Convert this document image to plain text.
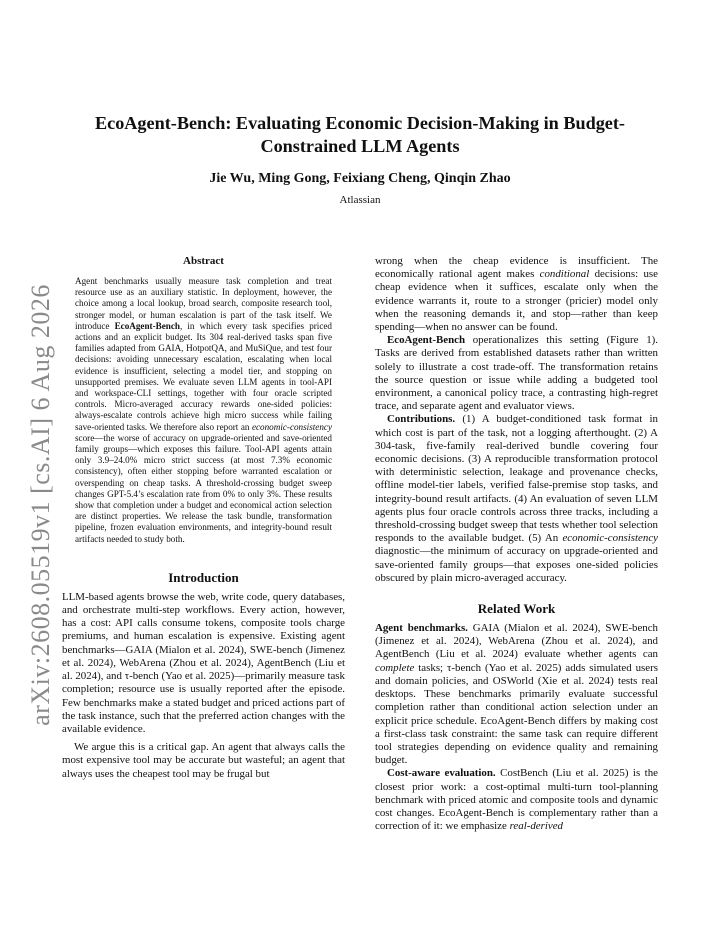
arXiv:2608.05519v1 [cs.AI] 6 Aug 2026
EcoAgent-Bench: Evaluating Economic Decision-Making in Budget-Constrained LLM Agents
Jie Wu, Ming Gong, Feixiang Cheng, Qinqin Zhao
Atlassian
Abstract
Agent benchmarks usually measure task completion and treat resource use as an auxiliary statistic. In deployment, however, the choice among a local lookup, broad search, composite research tool, stronger model, or human escalation is part of the task itself. We introduce EcoAgent-Bench, in which every task specifies priced actions and an explicit budget. Its 304 real-derived tasks span five families adapted from GAIA, HotpotQA, and MuSiQue, and test four decisions: avoiding unnecessary escalation, escalating when local evidence is insufficient, selecting a model tier, and stopping on unsupported premises. We evaluate seven LLM agents in tool-API and workspace-CLI settings, together with four oracle scripted controls. Micro-averaged accuracy rewards one-sided policies: always-escalate controls achieve high micro success while failing save-oriented tasks. We therefore also report an economic-consistency score—the worse of accuracy on upgrade-oriented and save-oriented family groups—which exposes this failure. Tool-API agents attain only 3.9–24.0% micro strict success (at most 7.3% economic consistency), often either stopping before warranted escalation or overspending on cheap tasks. A threshold-crossing budget sweep changes GPT-5.4’s escalation rate from 0% to only 3%. These results show that completion under a budget and economical action selection are distinct properties. We release the task bundle, transformation pipeline, frozen evaluation environments, and integrity-bound result artifacts needed to study both.
Introduction

LLM-based agents browse the web, write code, query databases, and orchestrate multi-step workflows. Every action, however, has a cost: API calls consume tokens, composite tools charge premiums, and human escalation is expensive. Existing agent benchmarks—GAIA (Mialon et al. 2024), SWE-bench (Jimenez et al. 2024), WebArena (Zhou et al. 2024), AgentBench (Liu et al. 2024), and τ-bench (Yao et al. 2025)—primarily measure task completion; resource use is usually reported after the episode. Few benchmarks make a stated budget and priced actions part of the task instance, such that the preferred action changes with the available evidence.

We argue this is a critical gap. An agent that always calls the most expensive tool may be accurate but wasteful; an agent that always uses the cheapest tool may be frugal but

wrong when the cheap evidence is insufficient. The economically rational agent makes conditional decisions: use cheap evidence when it suffices, escalate only when the evidence warrants it, route to a stronger (pricier) model only when the reasoning demands it, and stop—rather than keep spending—when no answer can be found.

EcoAgent-Bench operationalizes this setting (Figure 1). Tasks are derived from established datasets rather than written solely to illustrate a cost trade-off. The transformation retains the source question or issue while adding a budgeted tool environment, a canonical policy trace, a contrasting high-regret trace, and separate agent and evaluator views.

Contributions. (1) A budget-conditioned task format in which cost is part of the task, not a logging afterthought. (2) A 304-task, five-family real-derived bundle covering four economic decisions. (3) A reproducible transformation protocol with deterministic selection, leakage and provenance checks, offline model-tier labels, verified false-premise stop tasks, and integrity-bound result artifacts. (4) An evaluation of seven LLM agents plus four oracle controls across three tracks, including a threshold-crossing budget sweep that tests whether tool selection responds to the available budget. (5) An economic-consistency diagnostic—the minimum of accuracy on upgrade-oriented and save-oriented family groups—that exposes one-sided policies obscured by plain micro-averaged accuracy.

Related Work

Agent benchmarks. GAIA (Mialon et al. 2024), SWE-bench (Jimenez et al. 2024), WebArena (Zhou et al. 2024), and AgentBench (Liu et al. 2024) evaluate whether agents can complete tasks; τ-bench (Yao et al. 2025) adds simulated users and domain policies, and OSWorld (Xie et al. 2024) tests real desktops. These benchmarks primarily evaluate successful completion rather than conditional action selection under an explicit price schedule. EcoAgent-Bench differs by making cost a first-class task constraint: the same task can require different tool strategies depending on evidence quality and remaining budget.

Cost-aware evaluation. CostBench (Liu et al. 2025) is the closest prior work: a cost-optimal multi-turn tool-planning benchmark with priced atomic and composite tools and dynamic cost changes. EcoAgent-Bench is complementary rather than a correction of it: we emphasize real-derived
